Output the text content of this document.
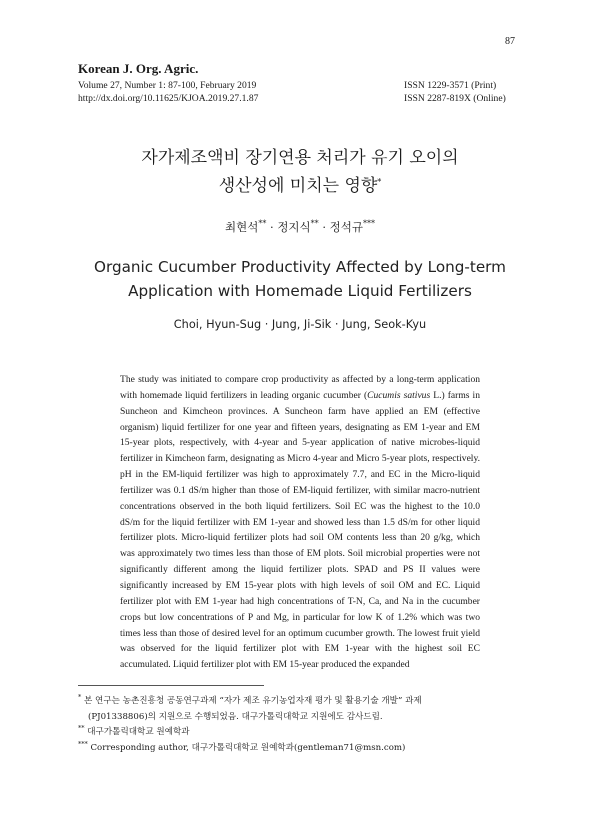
87
Korean J. Org. Agric.
Volume 27, Number 1: 87-100, February 2019
http://dx.doi.org/10.11625/KJOA.2019.27.1.87
ISSN 1229-3571 (Print)
ISSN 2287-819X (Online)
자가제조액비 장기연용 처리가 유기 오이의
생산성에 미치는 영향*
최현석** · 정지식** · 정석규***
Organic Cucumber Productivity Affected by Long-term
Application with Homemade Liquid Fertilizers
Choi, Hyun-Sug · Jung, Ji-Sik · Jung, Seok-Kyu

The study was initiated to compare crop productivity as affected by a long-term application with homemade liquid fertilizers in leading organic cucumber (Cucumis sativus L.) farms in Suncheon and Kimcheon provinces. A Suncheon farm have applied an EM (effective organism) liquid fertilizer for one year and fifteen years, designating as EM 1-year and EM 15-year plots, respectively, with 4-year and 5-year application of native microbes-liquid fertilizer in Kimcheon farm, designating as Micro 4-year and Micro 5-year plots, respectively. pH in the EM-liquid fertilizer was high to approximately 7.7, and EC in the Micro-liquid fertilizer was 0.1 dS/m higher than those of EM-liquid fertilizer, with similar macro-nutrient concentrations observed in the both liquid fertilizers. Soil EC was the highest to the 10.0 dS/m for the liquid fertilizer with EM 1-year and showed less than 1.5 dS/m for other liquid fertilizer plots. Micro-liquid fertilizer plots had soil OM contents less than 20 g/kg, which was approximately two times less than those of EM plots. Soil microbial properties were not significantly different among the liquid fertilizer plots. SPAD and PS II values were significantly increased by EM 15-year plots with high levels of soil OM and EC. Liquid fertilizer plot with EM 1-year had high concentrations of T-N, Ca, and Na in the cucumber crops but low concentrations of P and Mg, in particular for low K of 1.2% which was two times less than those of desired level for an optimum cucumber growth. The lowest fruit yield was observed for the liquid fertilizer plot with EM 1-year with the highest soil EC accumulated. Liquid fertilizer plot with EM 15-year produced the expanded

* 본 연구는 농촌진흥청 공동연구과제 “자가 제조 유기농업자재 평가 및 활용기술 개발” 과제
(PJ01338806)의 지원으로 수행되었음. 대구가톨릭대학교 지원에도 감사드림.
** 대구가톨릭대학교 원예학과
*** Corresponding author, 대구가톨릭대학교 원예학과(gentleman71@msn.com)
